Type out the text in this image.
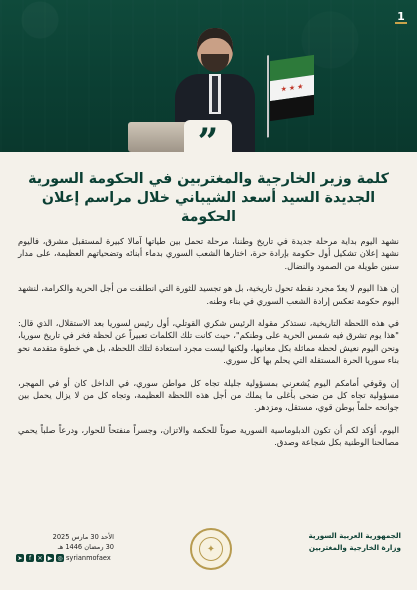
1
★ ★ ★
”
كلمة وزير الخارجية والمغتربين في الحكومة السورية
الجديدة السيد أسعد الشيباني خلال مراسم إعلان الحكومة

نشهد اليوم بداية مرحلة جديدة في تاريخ وطننا، مرحلة تحمل بين طياتها آمالا كبيرة لمستقبل مشرق، فاليوم نشهد إعلان تشكيل أول حكومة بإرادة حرة، اختارها الشعب السوري بدماء أبنائه وتضحياتهم العظيمة، على مدار سنين طويلة من الصمود والنضال.

إن هذا اليوم لا يعدّ مجرد نقطة تحول تاريخية، بل هو تجسيد للثورة التي انطلقت من أجل الحرية والكرامة، لنشهد اليوم حكومة تعكس إرادة الشعب السوري في بناء وطنه.

في هذه اللحظة التاريخية، نستذكر مقولة الرئيس شكري القوتلي، أول رئيس لسوريا بعد الاستقلال، الذي قال: "هذا يوم تشرق فيه شمس الحرية على وطنكم"، حيث كانت تلك الكلمات تعبيراً عن لحظة فخر في تاريخ سوريا، ونحن اليوم نعيش لحظة مماثلة بكل معانيها، ولكنها ليست مجرد استعادة لتلك اللحظة، بل هي خطوة متقدمة نحو بناء سوريا الحرة المستقلة التي يحلم بها كل سوري.

إن وقوفي أمامكم اليوم يُشعرني بمسؤولية جليلة تجاه كل مواطن سوري، في الداخل كان أو في المهجر، مسؤولية تجاه كل من ضحى بأغلى ما يملك من أجل هذه اللحظة العظيمة، وتجاه كل من لا يزال يحمل بين جوانحه حلماً بوطن قوي، مستقل، ومزدهر.

اليوم، أؤكد لكم أن تكون الدبلوماسية السورية صوتاً للحكمة والاتزان، وجسراً منفتحاً للحوار، ودرعاً صلباً يحمي مصالحنا الوطنية بكل شجاعة وصدق.

الأحد 30 مارس 2025
30 رمضان 1446 هـ
syrianmofaex
◎
▶
✕
f
➤
✦
الجمهورية العربية السورية
وزارة الخارجية والمغتربين
